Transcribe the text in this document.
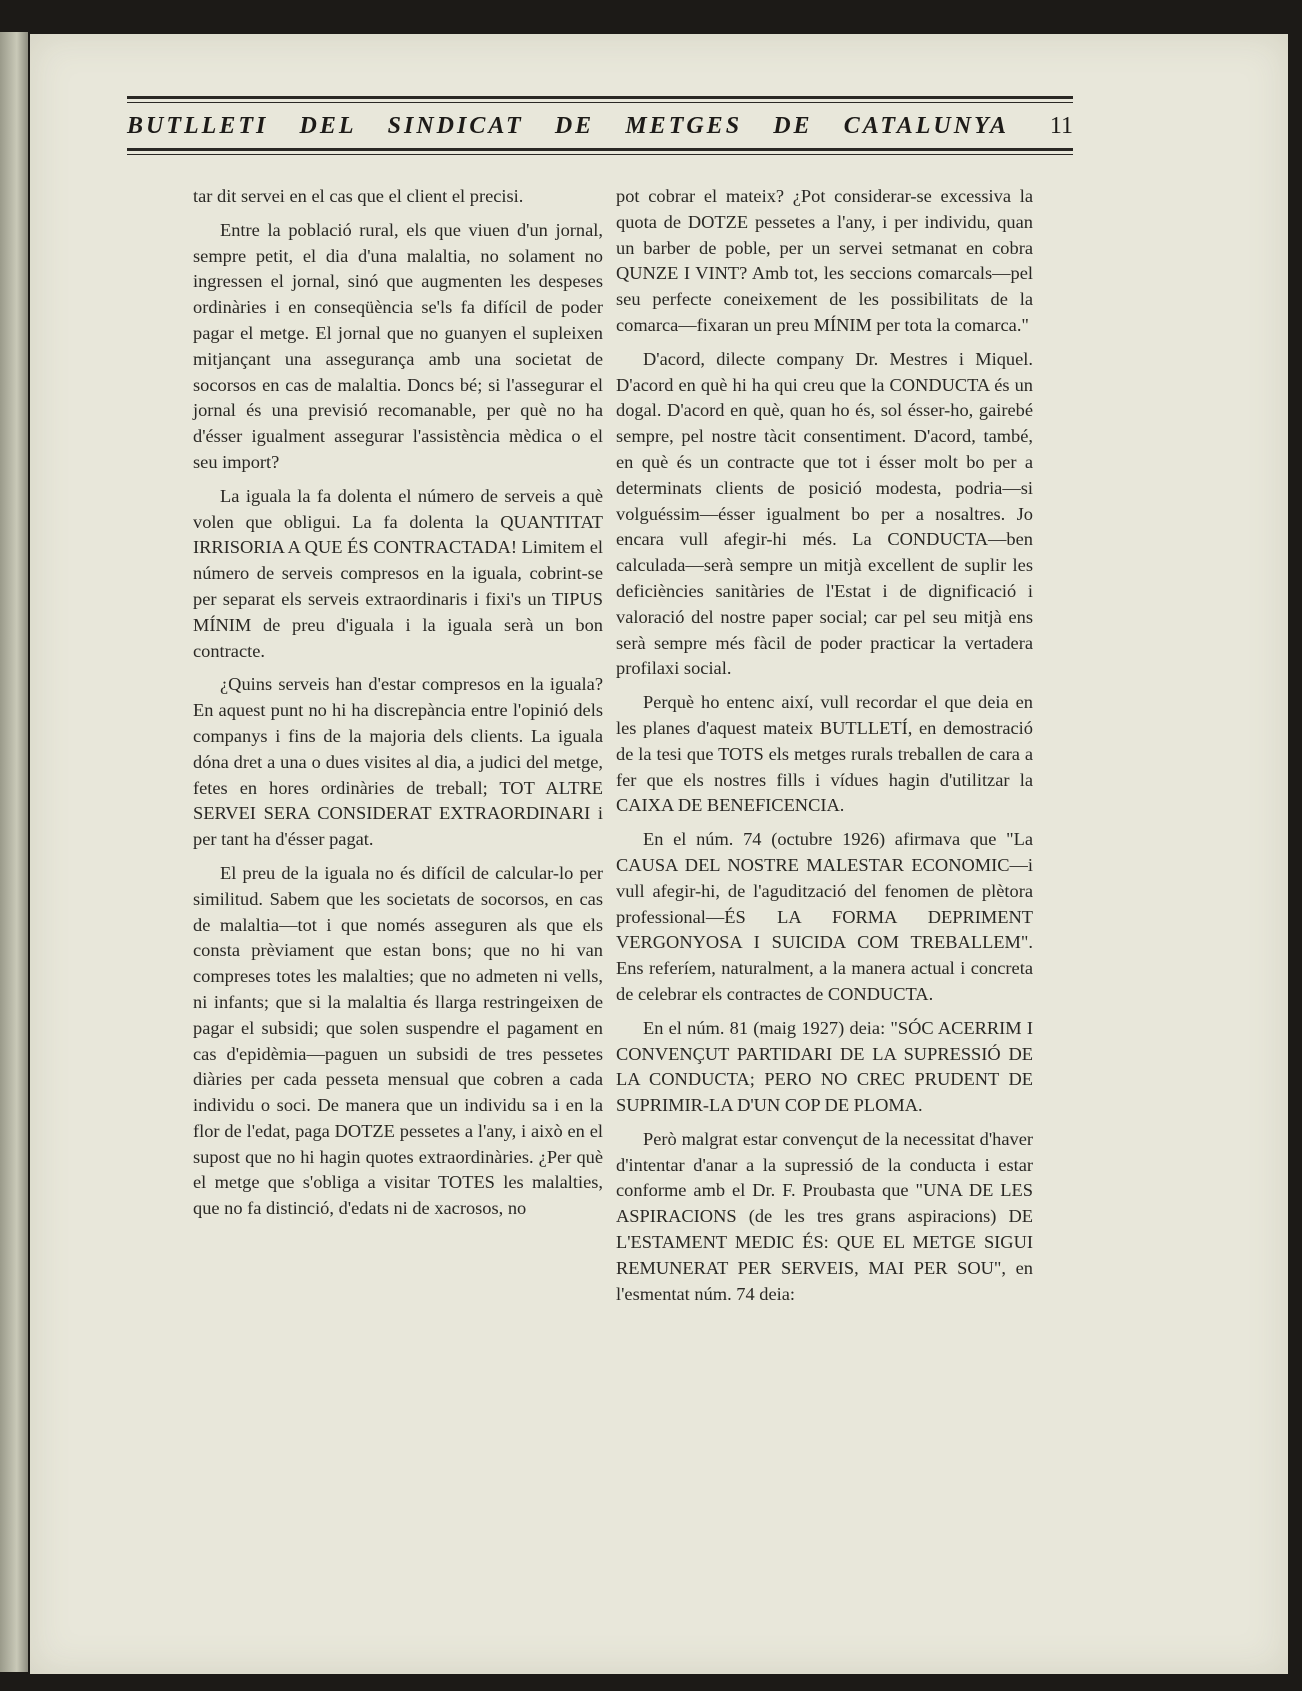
BUTLLETI DEL SINDICAT DE METGES DE CATALUNYA 11

tar dit servei en el cas que el client el precisi.

Entre la població rural, els que viuen d'un jornal, sempre petit, el dia d'una malaltia, no solament no ingressen el jornal, sinó que augmenten les despeses ordinàries i en conseqüència se'ls fa difícil de poder pagar el metge. El jornal que no guanyen el supleixen mitjançant una assegurança amb una societat de socorsos en cas de malaltia. Doncs bé; si l'assegurar el jornal és una previsió recomanable, per què no ha d'ésser igualment assegurar l'assistència mèdica o el seu import?

La iguala la fa dolenta el número de serveis a què volen que obligui. La fa dolenta la QUANTITAT IRRISORIA A QUE ÉS CONTRACTADA! Limitem el número de serveis compresos en la iguala, cobrint-se per separat els serveis extraordinaris i fixi's un TIPUS MÍNIM de preu d'iguala i la iguala serà un bon contracte.

¿Quins serveis han d'estar compresos en la iguala? En aquest punt no hi ha discrepància entre l'opinió dels companys i fins de la majoria dels clients. La iguala dóna dret a una o dues visites al dia, a judici del metge, fetes en hores ordinàries de treball; TOT ALTRE SERVEI SERA CONSIDERAT EXTRAORDINARI i per tant ha d'ésser pagat.

El preu de la iguala no és difícil de calcular-lo per similitud. Sabem que les societats de socorsos, en cas de malaltia—tot i que només asseguren als que els consta prèviament que estan bons; que no hi van compreses totes les malalties; que no admeten ni vells, ni infants; que si la malaltia és llarga restringeixen de pagar el subsidi; que solen suspendre el pagament en cas d'epidèmia—paguen un subsidi de tres pessetes diàries per cada pesseta mensual que cobren a cada individu o soci. De manera que un individu sa i en la flor de l'edat, paga DOTZE pessetes a l'any, i això en el supost que no hi hagin quotes extraordinàries. ¿Per què el metge que s'obliga a visitar TOTES les malalties, que no fa distinció, d'edats ni de xacrosos, no

pot cobrar el mateix? ¿Pot considerar-se excessiva la quota de DOTZE pessetes a l'any, i per individu, quan un barber de poble, per un servei setmanat en cobra QUNZE I VINT? Amb tot, les seccions comarcals—pel seu perfecte coneixement de les possibilitats de la comarca—fixaran un preu MÍNIM per tota la comarca."

D'acord, dilecte company Dr. Mestres i Miquel. D'acord en què hi ha qui creu que la CONDUCTA és un dogal. D'acord en què, quan ho és, sol ésser-ho, gairebé sempre, pel nostre tàcit consentiment. D'acord, també, en què és un contracte que tot i ésser molt bo per a determinats clients de posició modesta, podria—si volguéssim—ésser igualment bo per a nosaltres. Jo encara vull afegir-hi més. La CONDUCTA—ben calculada—serà sempre un mitjà excellent de suplir les deficiències sanitàries de l'Estat i de dignificació i valoració del nostre paper social; car pel seu mitjà ens serà sempre més fàcil de poder practicar la vertadera profilaxi social.

Perquè ho entenc així, vull recordar el que deia en les planes d'aquest mateix BUTLLETÍ, en demostració de la tesi que TOTS els metges rurals treballen de cara a fer que els nostres fills i vídues hagin d'utilitzar la CAIXA DE BENEFICENCIA.

En el núm. 74 (octubre 1926) afirmava que "La CAUSA DEL NOSTRE MALESTAR ECONOMIC—i vull afegir-hi, de l'agudització del fenomen de plètora professional—ÉS LA FORMA DEPRIMENT VERGONYOSA I SUICIDA COM TREBALLEM". Ens referíem, naturalment, a la manera actual i concreta de celebrar els contractes de CONDUCTA.

En el núm. 81 (maig 1927) deia: "SÓC ACERRIM I CONVENÇUT PARTIDARI DE LA SUPRESSIÓ DE LA CONDUCTA; PERO NO CREC PRUDENT DE SUPRIMIR-LA D'UN COP DE PLOMA.

Però malgrat estar convençut de la necessitat d'haver d'intentar d'anar a la supressió de la conducta i estar conforme amb el Dr. F. Proubasta que "UNA DE LES ASPIRACIONS (de les tres grans aspiracions) DE L'ESTAMENT MEDIC ÉS: QUE EL METGE SIGUI REMUNERAT PER SERVEIS, MAI PER SOU", en l'esmentat núm. 74 deia:
